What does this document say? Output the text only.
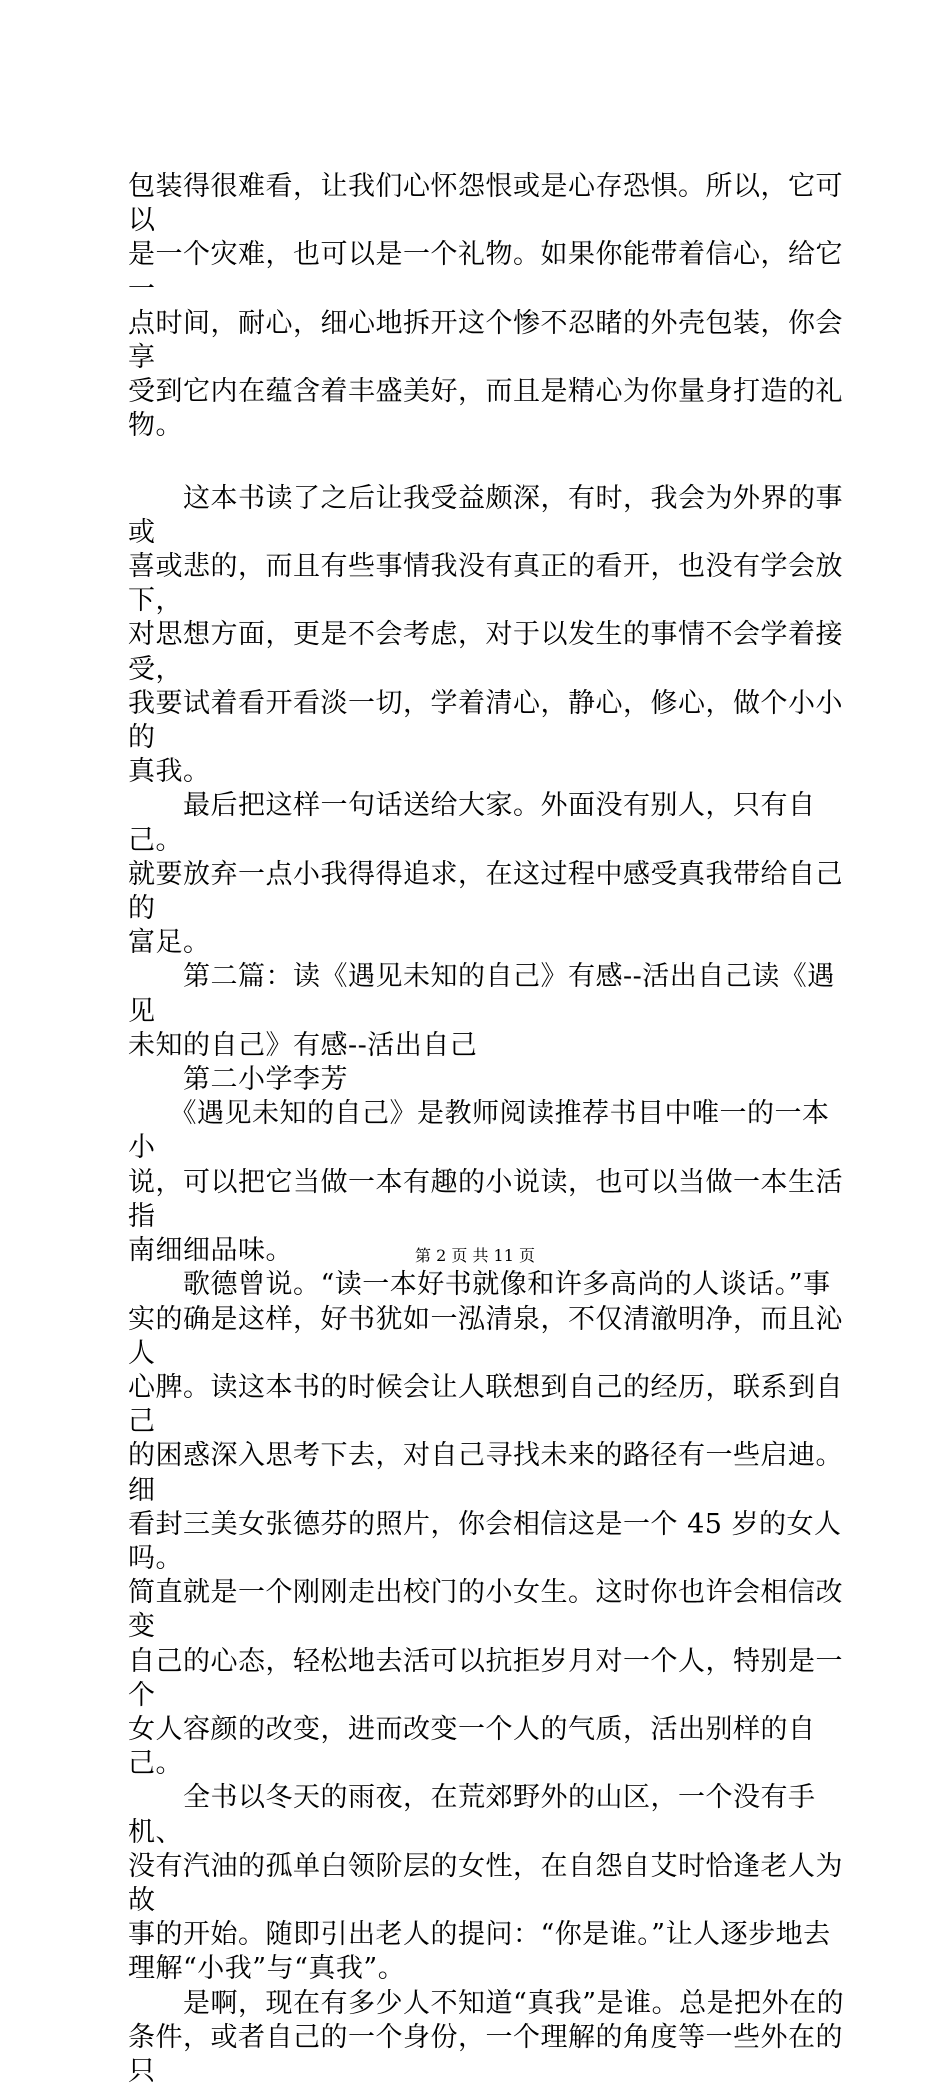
包装得很难看，让我们心怀怨恨或是心存恐惧。所以，它可以
是一个灾难，也可以是一个礼物。如果你能带着信心，给它一
点时间，耐心，细心地拆开这个惨不忍睹的外壳包装，你会享
受到它内在蕴含着丰盛美好，而且是精心为你量身打造的礼物。

　　这本书读了之后让我受益颇深，有时，我会为外界的事或
喜或悲的，而且有些事情我没有真正的看开，也没有学会放下，
对思想方面，更是不会考虑，对于以发生的事情不会学着接受，
我要试着看开看淡一切，学着清心，静心，修心，做个小小的
真我。

　　最后把这样一句话送给大家。外面没有别人，只有自己。
就要放弃一点小我得得追求，在这过程中感受真我带给自己的
富足。

　　第二篇：读《遇见未知的自己》有感--活出自己读《遇见
未知的自己》有感--活出自己

　　第二小学李芳

　　《遇见未知的自己》是教师阅读推荐书目中唯一的一本小
说，可以把它当做一本有趣的小说读，也可以当做一本生活指
南细细品味。

　　歌德曾说。“读一本好书就像和许多高尚的人谈话。”事
实的确是这样，好书犹如一泓清泉，不仅清澈明净，而且沁人
心脾。读这本书的时候会让人联想到自己的经历，联系到自己
的困惑深入思考下去，对自己寻找未来的路径有一些启迪。细
看封三美女张德芬的照片，你会相信这是一个 45 岁的女人吗。
简直就是一个刚刚走出校门的小女生。这时你也许会相信改变
自己的心态，轻松地去活可以抗拒岁月对一个人，特别是一个
女人容颜的改变，进而改变一个人的气质，活出别样的自己。

　　全书以冬天的雨夜，在荒郊野外的山区，一个没有手机、
没有汽油的孤单白领阶层的女性，在自怨自艾时恰逢老人为故
事的开始。随即引出老人的提问：“你是谁。”让人逐步地去
理解“小我”与“真我”。

　　是啊，现在有多少人不知道“真我”是谁。总是把外在的
条件，或者自己的一个身份，一个理解的角度等一些外在的只

第 2 页 共 11 页
